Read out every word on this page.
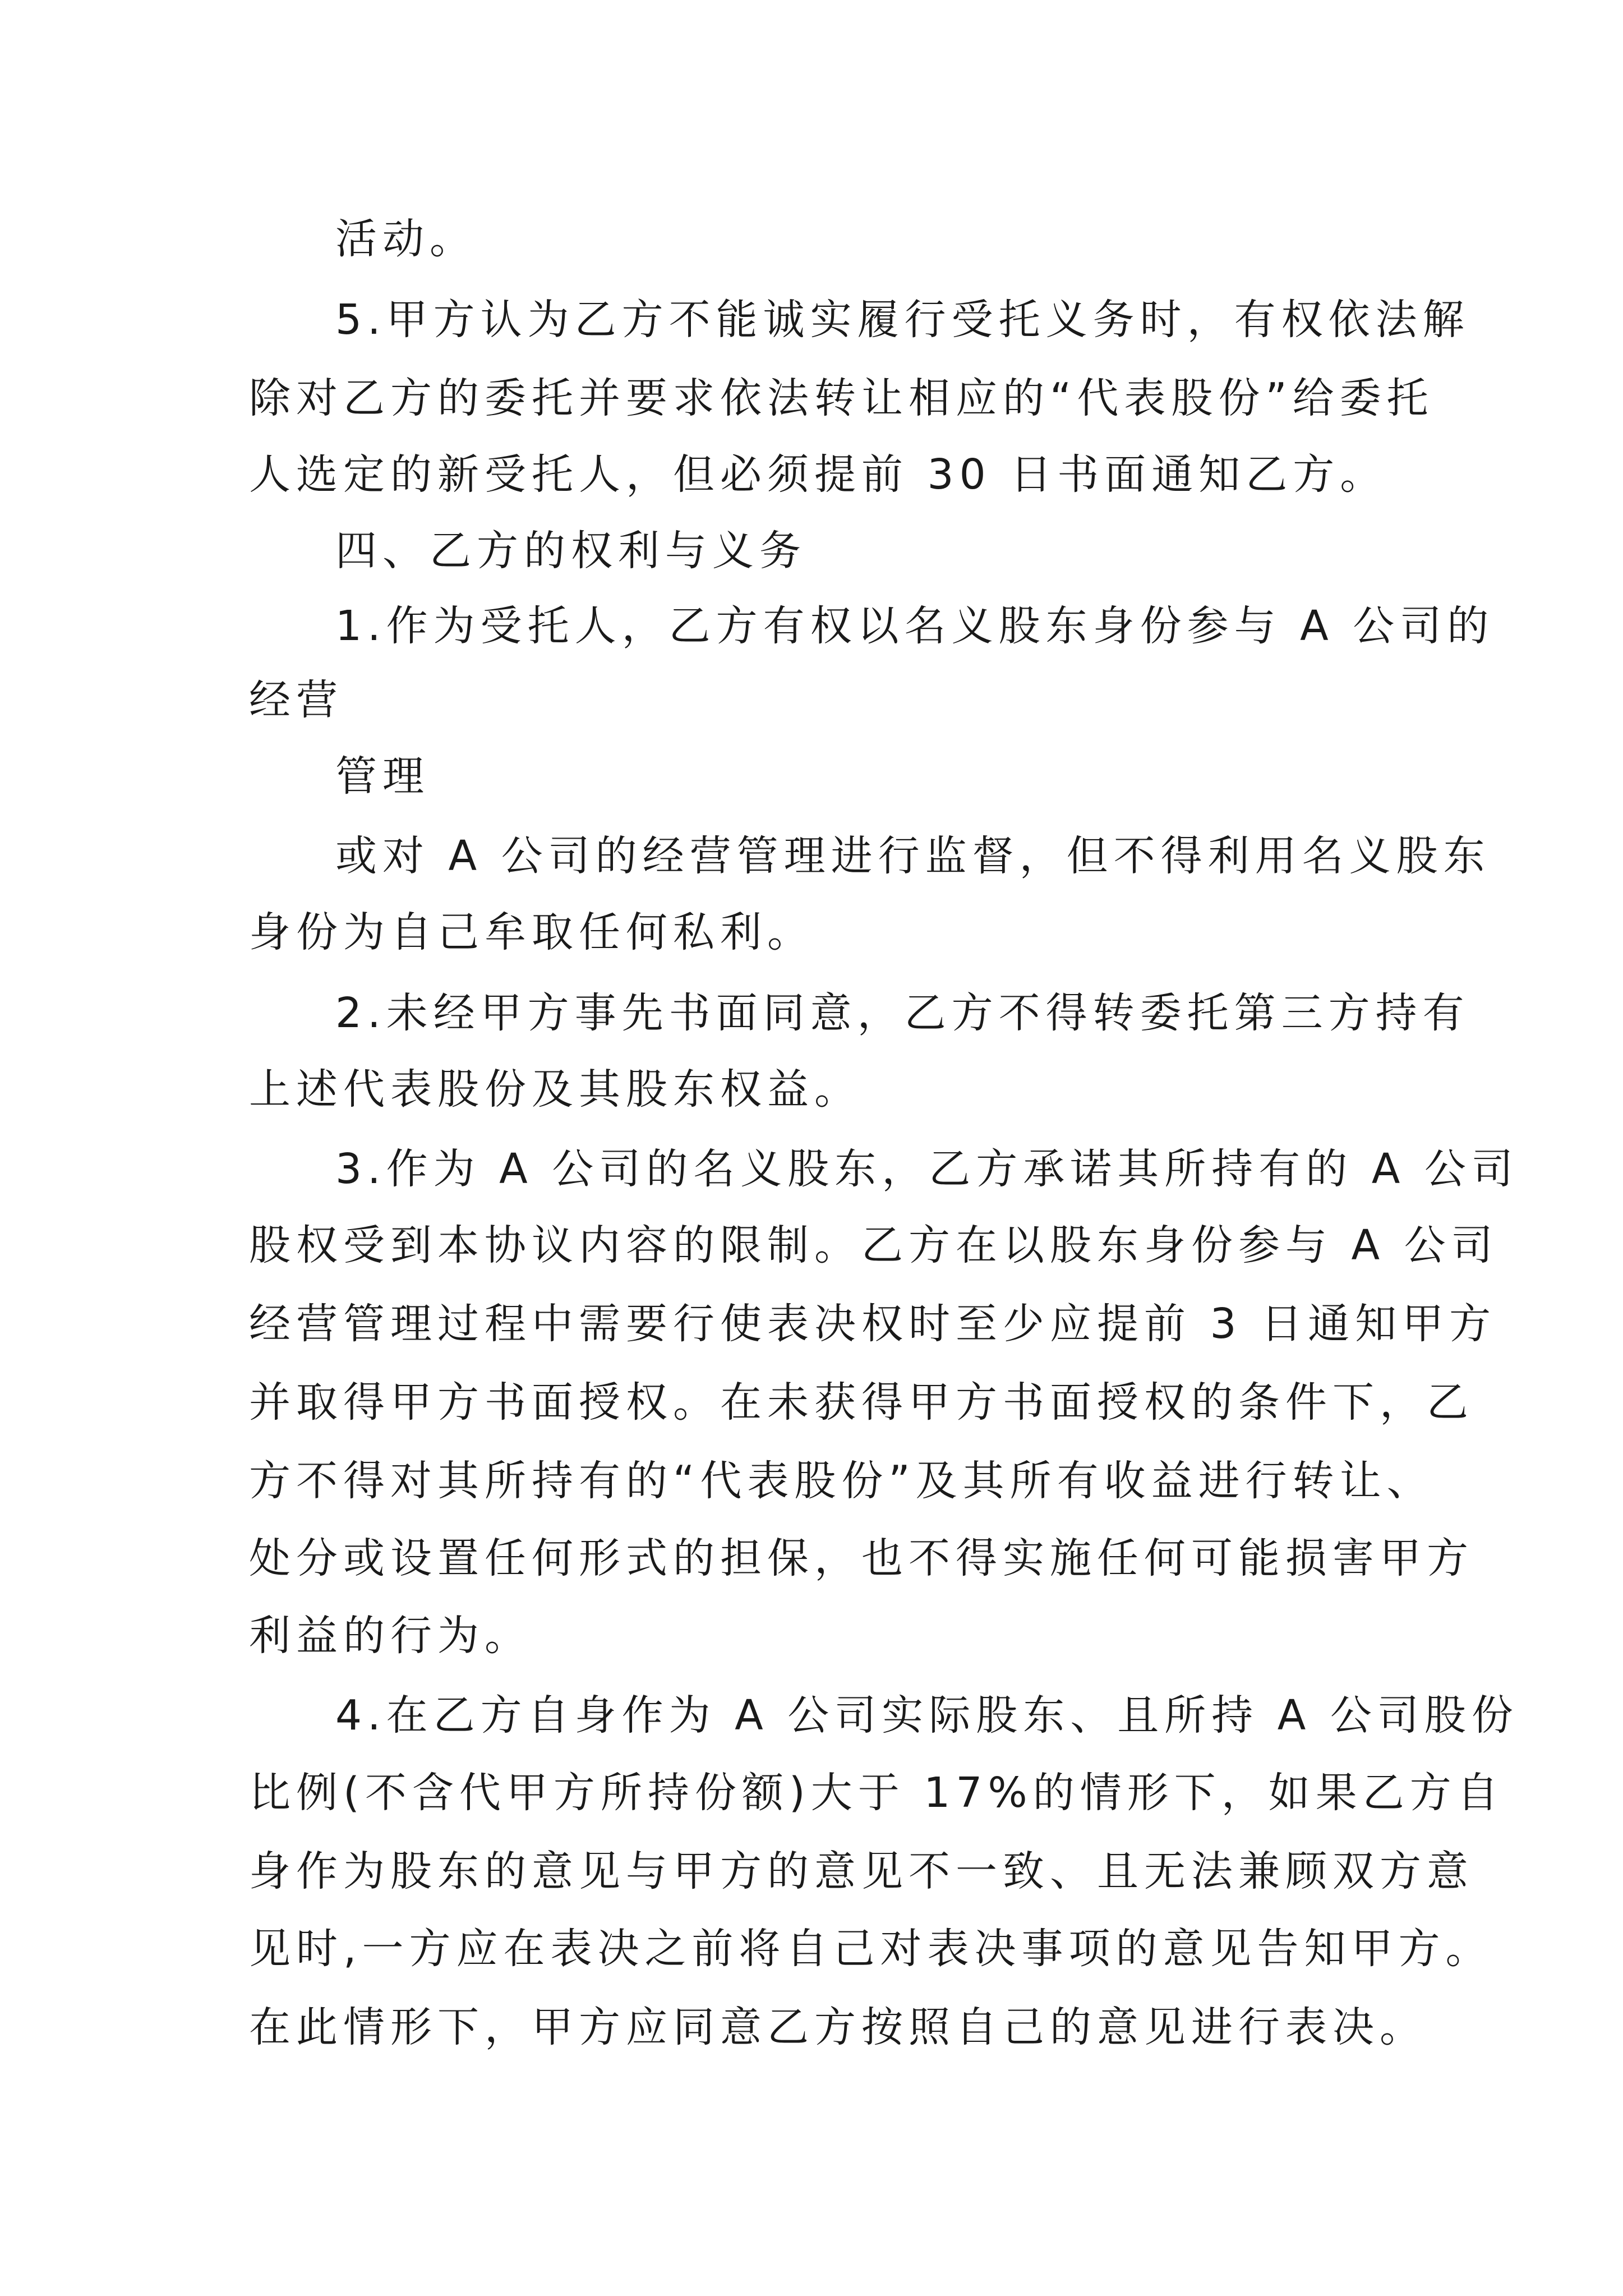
活动。

5.甲方认为乙方不能诚实履行受托义务时，有权依法解

除对乙方的委托并要求依法转让相应的“代表股份”给委托

人选定的新受托人，但必须提前 30 日书面通知乙方。

四、乙方的权利与义务

1.作为受托人，乙方有权以名义股东身份参与 A 公司的

经营

管理

或对 A 公司的经营管理进行监督，但不得利用名义股东

身份为自己牟取任何私利。

2.未经甲方事先书面同意，乙方不得转委托第三方持有

上述代表股份及其股东权益。

3.作为 A 公司的名义股东，乙方承诺其所持有的 A 公司

股权受到本协议内容的限制。乙方在以股东身份参与 A 公司

经营管理过程中需要行使表决权时至少应提前 3 日通知甲方

并取得甲方书面授权。在未获得甲方书面授权的条件下，乙

方不得对其所持有的“代表股份”及其所有收益进行转让、

处分或设置任何形式的担保，也不得实施任何可能损害甲方

利益的行为。

4.在乙方自身作为 A 公司实际股东、且所持 A 公司股份

比例(不含代甲方所持份额)大于 17%的情形下，如果乙方自

身作为股东的意见与甲方的意见不一致、且无法兼顾双方意

见时,一方应在表决之前将自己对表决事项的意见告知甲方。

在此情形下，甲方应同意乙方按照自己的意见进行表决。
